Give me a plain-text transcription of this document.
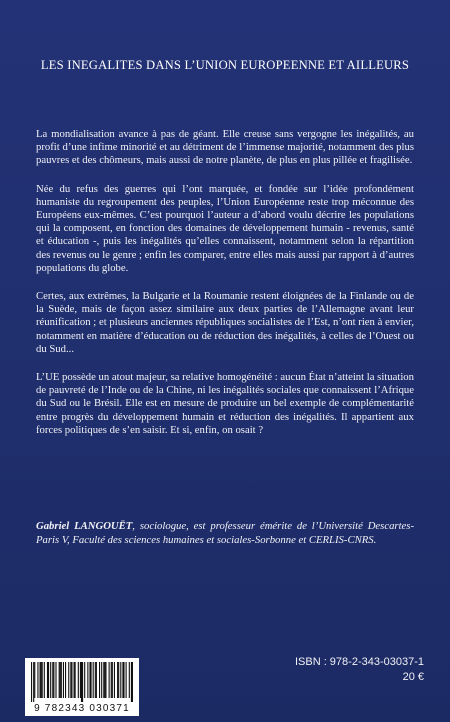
LES INEGALITES DANS L’UNION EUROPEENNE ET AILLEURS

La mondialisation avance à pas de géant. Elle creuse sans vergogne les inégalités, au profit d’une infime minorité et au détriment de l’immense majorité, notamment des plus pauvres et des chômeurs, mais aussi de notre planète, de plus en plus pillée et fragilisée.

Née du refus des guerres qui l’ont marquée, et fondée sur l’idée profondément humaniste du regroupement des peuples, l’Union Européenne reste trop méconnue des Européens eux-mêmes. C’est pourquoi l’auteur a d’abord voulu décrire les populations qui la composent, en fonction des domaines de développement humain - revenus, santé et éducation -, puis les inégalités qu’elles connaissent, notamment selon la répartition des revenus ou le genre ; enfin les comparer, entre elles mais aussi par rapport à d’autres populations du globe.

Certes, aux extrêmes, la Bulgarie et la Roumanie restent éloignées de la Finlande ou de la Suède, mais de façon assez similaire aux deux parties de l’Allemagne avant leur réunification ; et plusieurs anciennes républiques socialistes de l’Est, n’ont rien à envier, notamment en matière d’éducation ou de réduction des inégalités, à celles de l’Ouest ou du Sud...

L’UE possède un atout majeur, sa relative homogénéité : aucun État n’atteint la situation de pauvreté de l’Inde ou de la Chine, ni les inégalités sociales que connaissent l’Afrique du Sud ou le Brésil. Elle est en mesure de produire un bel exemple de complémentarité entre progrès du développement humain et réduction des inégalités. Il appartient aux forces politiques de s’en saisir. Et si, enfin, on osait ?

Gabriel LANGOUËT, sociologue, est professeur émérite de l’Université Descartes-Paris V, Faculté des sciences humaines et sociales-Sorbonne et CERLIS-CNRS.
9 782343 030371
ISBN : 978-2-343-03037-1
20 €
